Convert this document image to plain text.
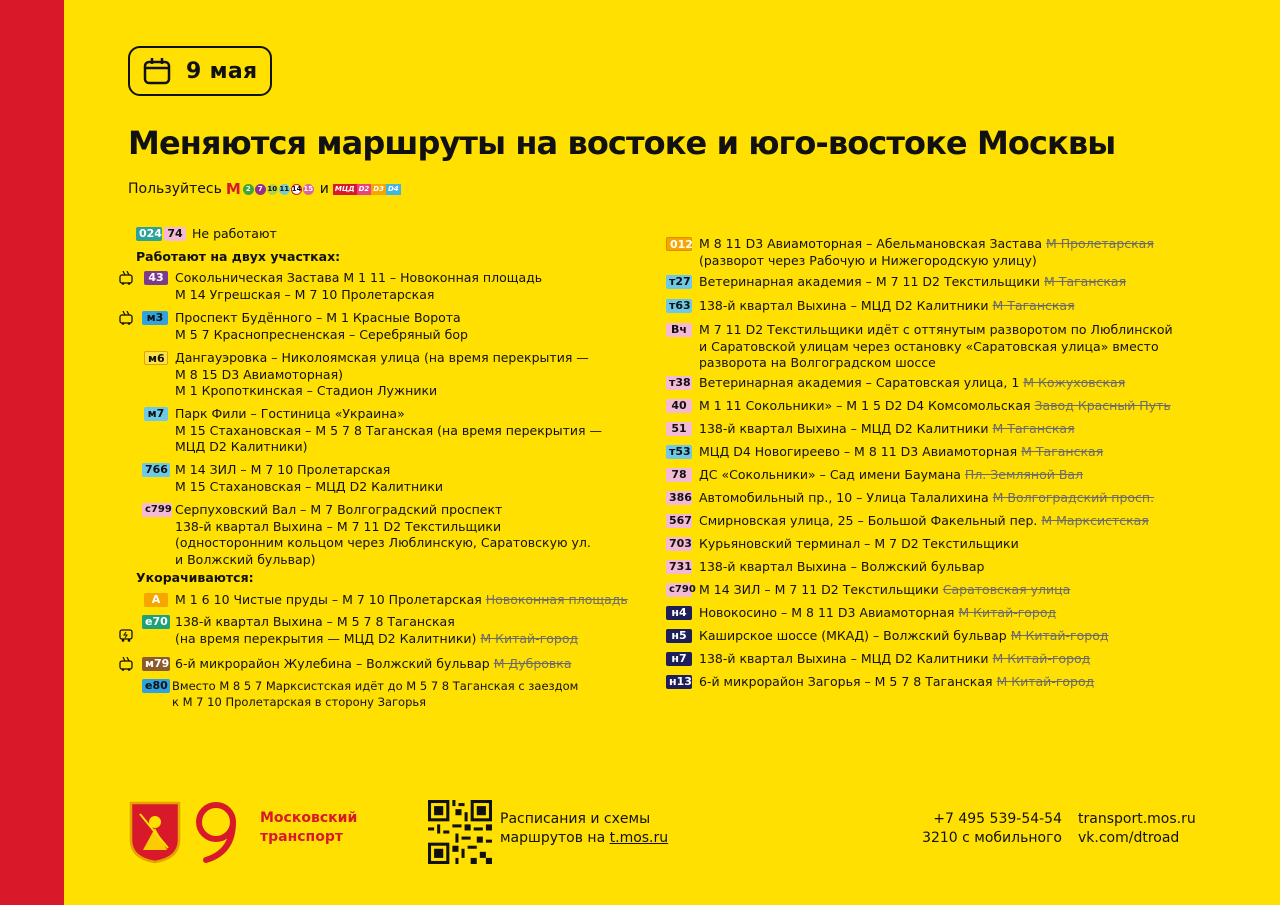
9 мая
Меняются маршруты на востоке и юго-востоке Москвы
Пользуйтесь М 2	7 10 11 14 15 и МЦД D2 D3 D4
024 74 Не работают
Работают на двух участках:
43 Сокольническая Застава М 1 11 – Новоконная площадь
М 14 Угрешская – М 7 10 Пролетарская
м3 Проспект Будённого – М 1 Красные Ворота
М 5 7 Краснопресненская – Серебряный бор
м6 Дангауэровка – Николоямская улица (на время перекрытия —
М 8 15 D3 Авиамоторная)
М 1 Кропоткинская – Стадион Лужники
м7 Парк Фили – Гостиница «Украина»
М 15 Стахановская – М 5 7 8 Таганская (на время перекрытия —
МЦД D2 Калитники)
766 М 14 ЗИЛ – М 7 10 Пролетарская
М 15 Стахановская – МЦД D2 Калитники
с799 Серпуховский Вал – М 7 Волгоградский проспект
138-й квартал Выхина – М 7 11 D2 Текстильщики
(односторонним кольцом через Люблинскую, Саратовскую ул.
и Волжский бульвар)
Укорачиваются:
А	М 1 6 10 Чистые пруды – М 7 10 Пролетарская Новоконная площадь
е70 138-й квартал Выхина – М 5 7 8 Таганская
(на время перекрытия — МЦД D2 Калитники) М Китай-город
м79 6-й микрорайон Жулебина – Волжский бульвар М Дубровка
е80 Вместо М 8 5 7 Марксистская идёт до М 5 7 8 Таганская с заездом
к М 7 10 Пролетарская в сторону Загорья
012 М 8 11 D3 Авиамоторная – Абельмановская Застава М Пролетарская
(разворот через Рабочую и Нижегородскую улицу)
т27 Ветеринарная академия – М 7 11 D2 Текстильщики М Таганская
т63 138-й квартал Выхина – МЦД D2 Калитники М Таганская
Вч М 7 11 D2 Текстильщики идёт с оттянутым разворотом по Люблинской
и Саратовской улицам через остановку «Саратовская улица» вместо
разворота на Волгоградском шоссе
т38 Ветеринарная академия – Саратовская улица, 1 М Кожуховская
40 М 1 11 Сокольники» – М 1 5 D2 D4 Комсомольская Завод Красный Путь
51 138-й квартал Выхина – МЦД D2 Калитники М Таганская
т53 МЦД D4 Новогиреево – М 8 11 D3 Авиамоторная М Таганская
78 ДС «Сокольники» – Сад имени Баумана Пл. Земляной Вал
386 Автомобильный пр., 10 – Улица Талалихина М Волгоградский просп.
567 Смирновская улица, 25 – Большой Факельный пер. М Марксистская
703 Курьяновский терминал – М 7 D2 Текстильщики
731 138-й квартал Выхина – Волжский бульвар
с790 М 14 ЗИЛ – М 7 11 D2 Текстильщики Саратовская улица
н4 Новокосино – М 8 11 D3 Авиамоторная М Китай-город
н5 Каширское шоссе (МКАД) – Волжский бульвар М Китай-город
н7 138-й квартал Выхина – МЦД D2 Калитники М Китай-город
н13 6-й микрорайон Загорья – М 5 7 8 Таганская М Китай-город
Московский
транспорт
Расписания и схемы
маршрутов на t.mos.ru
+7 495 539-54-54
3210 с мобильного
transport.mos.ru
vk.com/dtroad
